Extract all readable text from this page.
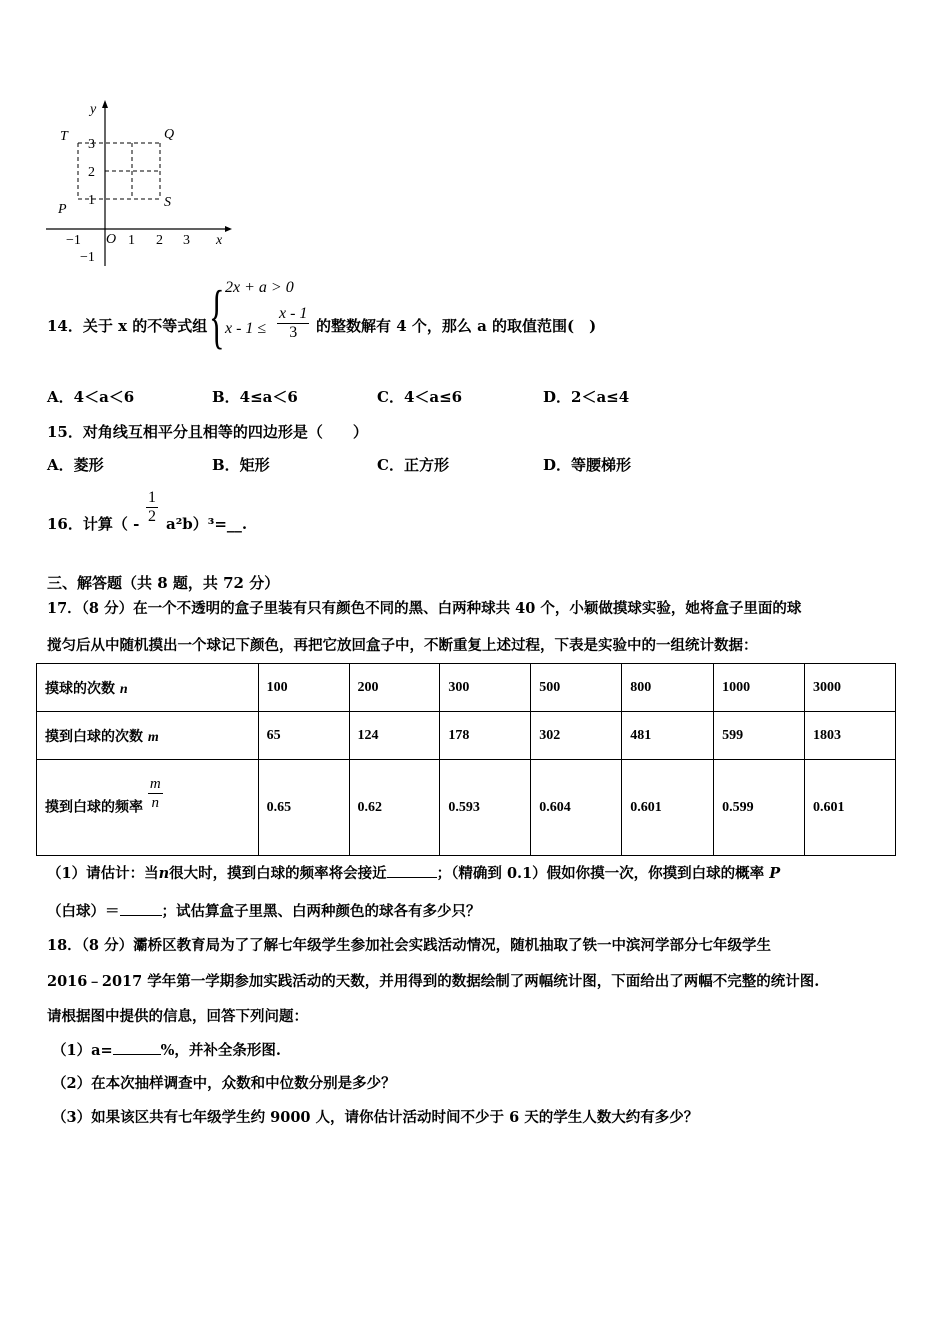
y
x
O
−1	1 2 3
3
2
1
−1
T	Q
P	S
14．关于 x 的不等式组 { 2x + a > 0
$x - 1 \le \frac{x - 1}{3}$ 的整数解有 4 个，那么 a 的取值范围(　)
A．4＜a＜6	B．4≤a＜6	C．4＜a≤6	D．2＜a≤4
15．对角线互相平分且相等的四边形是（　　）
A．菱形	B．矩形	C．正方形	D．等腰梯形
16．计算（ - $\frac{1}{2}$ a²b）³=__.
三、解答题（共 8 题，共 72 分）
17．（8 分）在一个不透明的盒子里装有只有颜色不同的黑、白两种球共 40 个，小颖做摸球实验，她将盒子里面的球
搅匀后从中随机摸出一个球记下颜色，再把它放回盒子中，不断重复上述过程，下表是实验中的一组统计数据：
摸球的次数 n	100	200	300	500	800	1000	3000
摸到白球的次数 m	65	124	178	302	481	599	1803
摸到白球的频率 $\frac{m}{n}$	0.65	0.62	0.593	0.604	0.601	0.599	0.601
（1）请估计：当n很大时，摸到白球的频率将会接近	；（精确到 0.1）假如你摸一次，你摸到白球的概率 P
（白球）＝	；试估算盒子里黑、白两种颜色的球各有多少只？
18．（8 分）灞桥区教育局为了了解七年级学生参加社会实践活动情况，随机抽取了铁一中滨河学部分七年级学生
2016﹣2017 学年第一学期参加实践活动的天数，并用得到的数据绘制了两幅统计图，下面给出了两幅不完整的统计图.
请根据图中提供的信息，回答下列问题：
（1）a=	%，并补全条形图.
（2）在本次抽样调查中，众数和中位数分别是多少？
（3）如果该区共有七年级学生约 9000 人，请你估计活动时间不少于 6 天的学生人数大约有多少？
